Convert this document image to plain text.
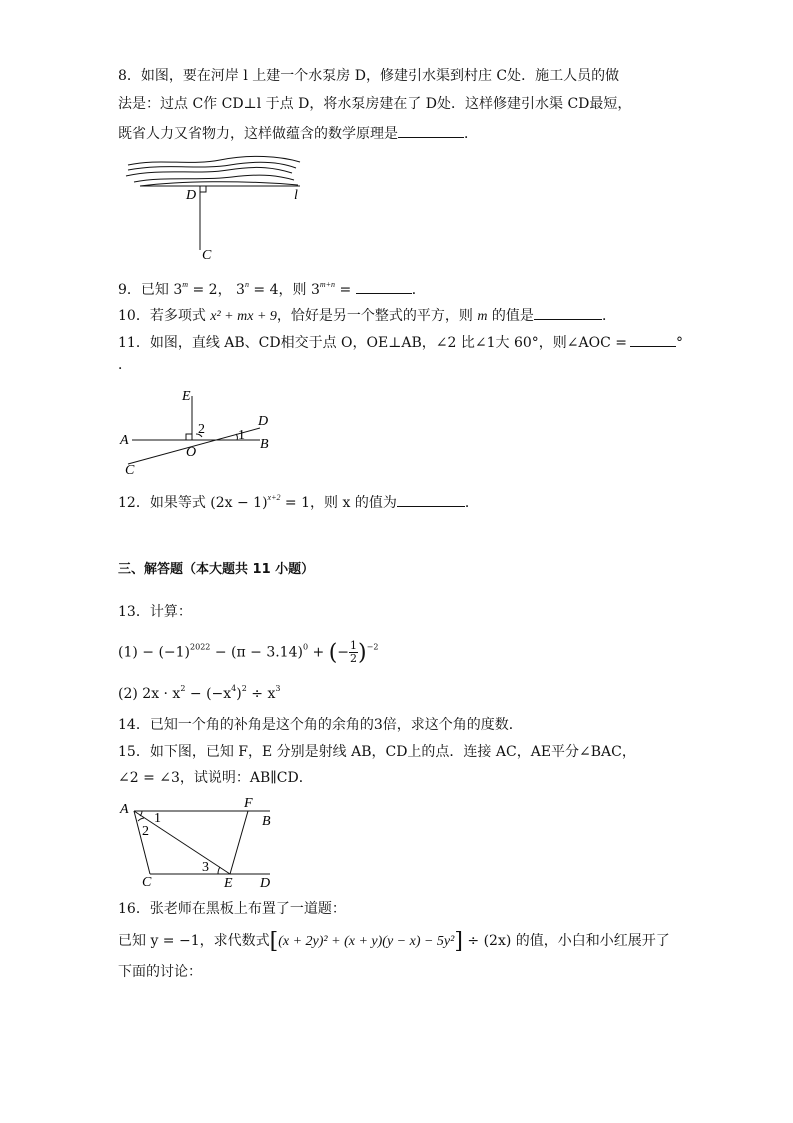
8．如图，要在河岸 l 上建一个水泵房 D，修建引水渠到村庄 C处．施工人员的做
法是：过点 C作 CD⊥l 于点 D，将水泵房建在了 D处．这样修建引水渠 CD最短，
既省人力又省物力，这样做蕴含的数学原理是	．
D	l
C
9．已知 $3^m = 2$， $3^n = 4$，则 $3^{m+n}$ =	．
10．若多项式 x² + mx + 9，恰好是另一个整式的平方，则 m 的值是	．
11．如图，直线 AB、CD相交于点 O，OE⊥AB，∠2 比∠1大 60°，则∠AOC =	°
．
E
D
A	B
O
C
2 1
12．如果等式 $(2x - 1)^{x+2} = 1$，则 x 的值为	．
三、解答题（本大题共 11 小题）
13．计算：
$(1) - (-1)^{2022} - (\pi - 3.14)^0$ + (− $\frac{1}{2} )^{-2}$
(2) $2x \cdot x^2 - (-x^4)^2 \div x^3$
14．已知一个角的补角是这个角的余角的3倍，求这个角的度数．
15．如下图，已知 F，E 分别是射线 AB，CD上的点．连接 AC，AE平分∠BAC，
∠2 = ∠3，试说明：AB∥CD．
A	F
B
C	E D
1
2
3
16．张老师在黑板上布置了一道题：
已知 y = −1，求代数式[(x + 2y)² + (x + y)(y − x) − 5y²] ÷ (2x) 的值，小白和小红展开了
下面的讨论：
